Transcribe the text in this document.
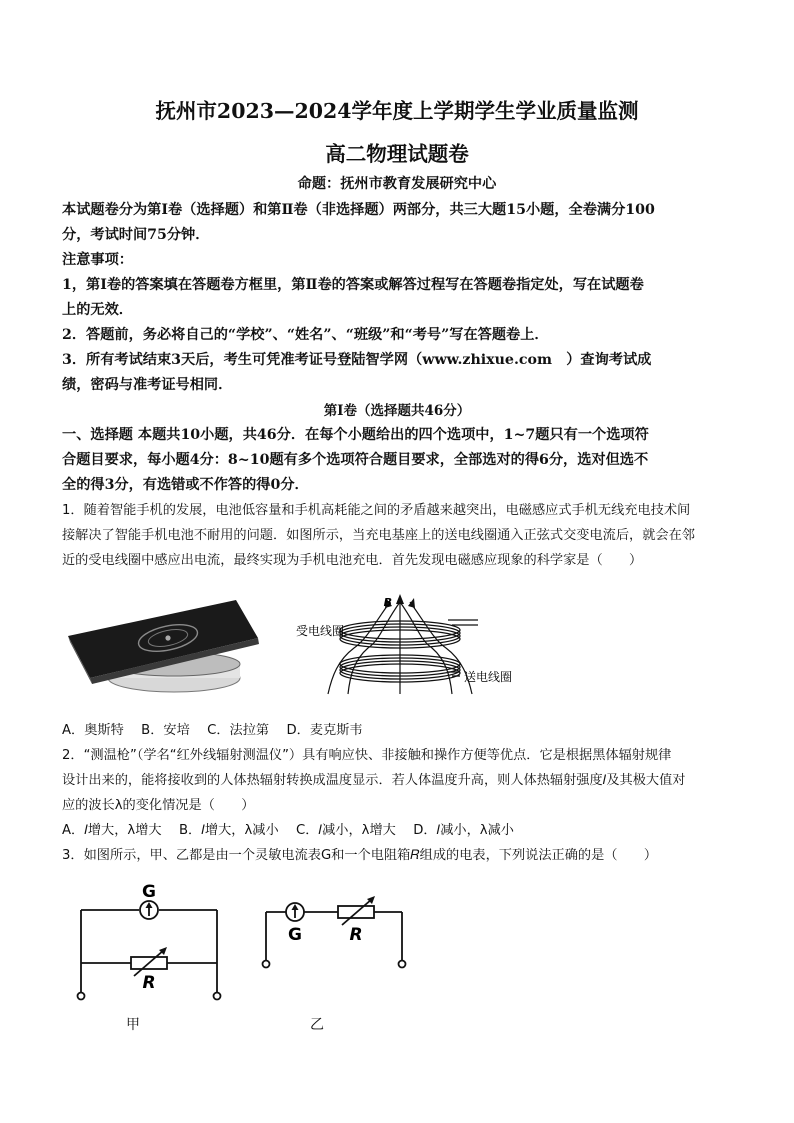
抚州市2023—2024学年度上学期学生学业质量监测
高二物理试题卷
命题：抚州市教育发展研究中心
本试题卷分为第Ⅰ卷（选择题）和第Ⅱ卷（非选择题）两部分，共三大题15小题，全卷满分100
分，考试时间75分钟．
注意事项：
1，第Ⅰ卷的答案填在答题卷方框里，第Ⅱ卷的答案或解答过程写在答题卷指定处，写在试题卷
上的无效．
2．答题前，务必将自己的“学校”、“姓名”、“班级”和“考号”写在答题卷上．
3．所有考试结束3天后，考生可凭准考证号登陆智学网（www.zhixue.com　）查询考试成
绩，密码与准考证号相同．
第Ⅰ卷（选择题共46分）
一、选择题 本题共10小题，共46分．在每个小题给出的四个选项中，1~7题只有一个选项符
合题目要求，每小题4分：8~10题有多个选项符合题目要求，全部选对的得6分，选对但选不
全的得3分，有选错或不作答的得0分．
1．随着智能手机的发展，电池低容量和手机高耗能之间的矛盾越来越突出，电磁感应式手机无线充电技术间
接解决了智能手机电池不耐用的问题．如图所示，当充电基座上的送电线圈通入正弦式交变电流后，就会在邻
近的受电线圈中感应出电流，最终实现为手机电池充电．首先发现电磁感应现象的科学家是（　　）
B
受电线圈
送电线圈
A．奥斯特　 B．安培　 C．法拉第　 D．麦克斯韦
2．“测温枪”（学名“红外线辐射测温仪”）具有响应快、非接触和操作方便等优点．它是根据黑体辐射规律
设计出来的，能将接收到的人体热辐射转换成温度显示．若人体温度升高，则人体热辐射强度𝐼及其极大值对
应的波长λ的变化情况是（　　）
A．𝐼增大，λ增大　 B．𝐼增大，λ减小　 C．𝐼减小，λ增大　 D．𝐼减小，λ减小
3．如图所示，甲、乙都是由一个灵敏电流表G和一个电阻箱𝑅组成的电表，下列说法正确的是（　　）
G
R
G	R
甲	乙
